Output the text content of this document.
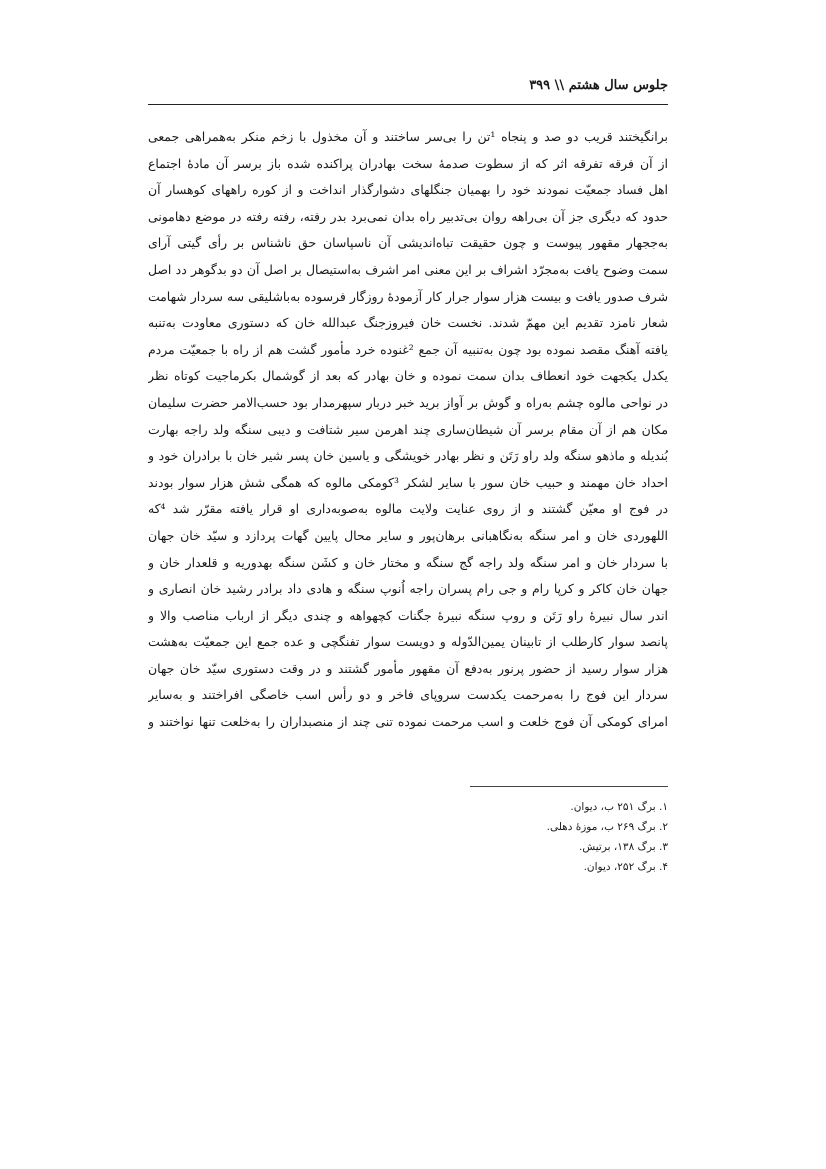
جلوس سال هشتم \\ ۳۹۹
برانگیختند قریب دو صد و پنجاه ¹تن را بی‌سر ساختند و آن مخذول با زخم منکر به‌همراهی جمعی
از آن فرقه تفرقه اثر که از سطوت صدمهٔ سخت بهادران پراکنده شده باز برسر آن مادهٔ اجتماع
اهل فساد جمعیّت نمودند خود را بهمیان جنگلهای دشوارگذار انداخت و از کوره راههای کوهسار آن
حدود که دیگری جز آن بی‌راهه روان بی‌تدبیر راه بدان نمی‌برد بدر رفته، رفته رفته در موضع دهامونی
به‌ججهار مقهور پیوست و چون حقیقت تباه‌اندیشی آن ناسپاسان حق ناشناس بر رأی گیتی آرای
سمت وضوح یافت به‌مجرّد اشراف بر این معنی امر اشرف به‌استیصال بر اصل آن دو بدگوهر دد اصل
شرف صدور یافت و بیست هزار سوار جرار کار آزمودهٔ روزگار فرسوده به‌باشلیقی سه سردار شهامت
شعار نامزد تقدیم این مهمّ شدند. نخست خان فیروزجنگ عبدالله خان که دستوری معاودت به‌تنبه
یافته آهنگ مقصد نموده بود چون به‌تنبیه آن جمع ²غنوده خرد مأمور گشت هم از راه با جمعیّت مردم
یکدل یکجهت خود انعطاف بدان سمت نموده و خان بهادر که بعد از گوشمال بکرماجیت کوتاه نظر
در نواحی مالوه چشم به‌راه و گوش بر آواز برید خبر دربار سپهرمدار بود حسب‌الامر حضرت سلیمان
مکان هم از آن مقام برسر آن شیطان‌ساری چند اهرمن سیر شتافت و دیبی سنگه ولد راجه بهارت
بُندیله و ماذهو سنگه ولد راو رَتَن و نظر بهادر خویشگی و یاسین خان پسر شیر خان با برادران خود و
احداد خان مهمند و حبیب خان سور با سایر لشکر ³کومکی مالوه که همگی شش هزار سوار بودند
در فوج او معیّن گشتند و از روی عنایت ولایت مالوه به‌صوبه‌داری او قرار یافته مقرّر شد ⁴که
اللهوردی خان و امر سنگه به‌نگاهبانی برهان‌پور و سایر محال پایین گهات پردازد و سیّد خان جهان
با سردار خان و امر سنگه ولد راجه گج سنگه و مختار خان و کشَن سنگه بهدوریه و قلعدار خان و
جهان خان کاکر و کرپا رام و جی رام پسران راجه اُنوپ سنگه و هادی داد برادر رشید خان انصاری و
اندر سال نبیرهٔ راو رَتَن و روپ سنگه نبیرهٔ جگنات کچهواهه و چندی دیگر از ارباب مناصب والا و
پانصد سوار کارطلب از تابینان یمین‌الدّوله و دویست سوار تفنگچی و عده جمع این جمعیّت به‌هشت
هزار سوار رسید از حضور پرنور به‌دفع آن مقهور مأمور گشتند و در وقت دستوری سیّد خان جهان
سردار این فوج را به‌مرحمت یکدست سروپای فاخر و دو رأس اسب خاصگی افراختند و به‌سایر
امرای کومکی آن فوج خلعت و اسب مرحمت نموده تنی چند از منصبداران را به‌خلعت تنها نواختند و
۱. برگ ۲۵۱ ب، دیوان.
۲. برگ ۲۶۹ ب، موزهٔ دهلی.
۳. برگ ۱۳۸، برتیش.
۴. برگ ۲۵۲، دیوان.
